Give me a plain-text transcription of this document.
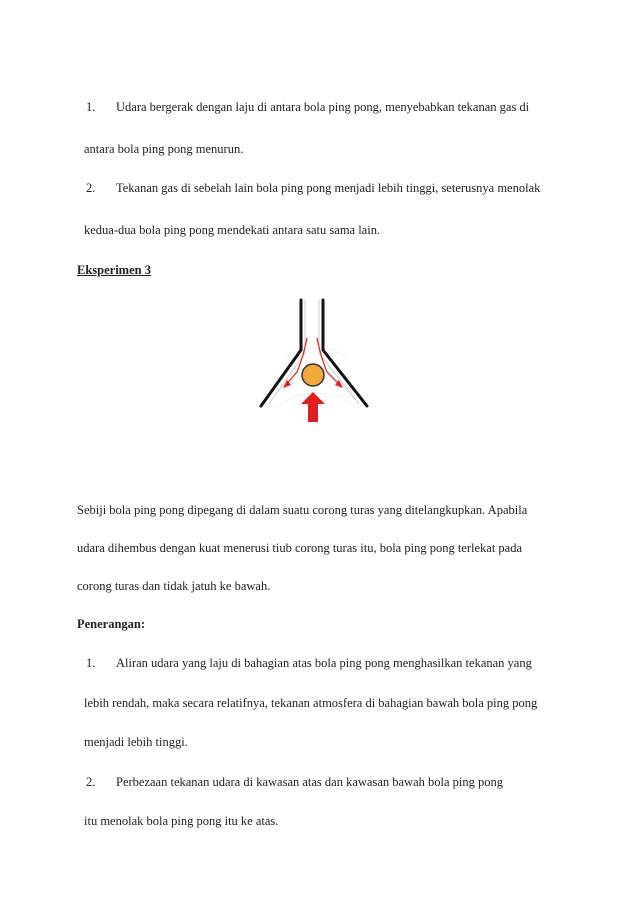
1. Udara bergerak dengan laju di antara bola ping pong, menyebabkan tekanan gas di
antara bola ping pong menurun.
2. Tekanan gas di sebelah lain bola ping pong menjadi lebih tinggi, seterusnya menolak
kedua-dua bola ping pong mendekati antara satu sama lain.
Eksperimen 3
Sebiji bola ping pong dipegang di dalam suatu corong turas yang ditelangkupkan. Apabila
udara dihembus dengan kuat menerusi tiub corong turas itu, bola ping pong terlekat pada
corong turas dan tidak jatuh ke bawah.
Penerangan:
1. Aliran udara yang laju di bahagian atas bola ping pong menghasilkan tekanan yang
lebih rendah, maka secara relatifnya, tekanan atmosfera di bahagian bawah bola ping pong
menjadi lebih tinggi.
2. Perbezaan tekanan udara di kawasan atas dan kawasan bawah bola ping pong
itu menolak bola ping pong itu ke atas.
